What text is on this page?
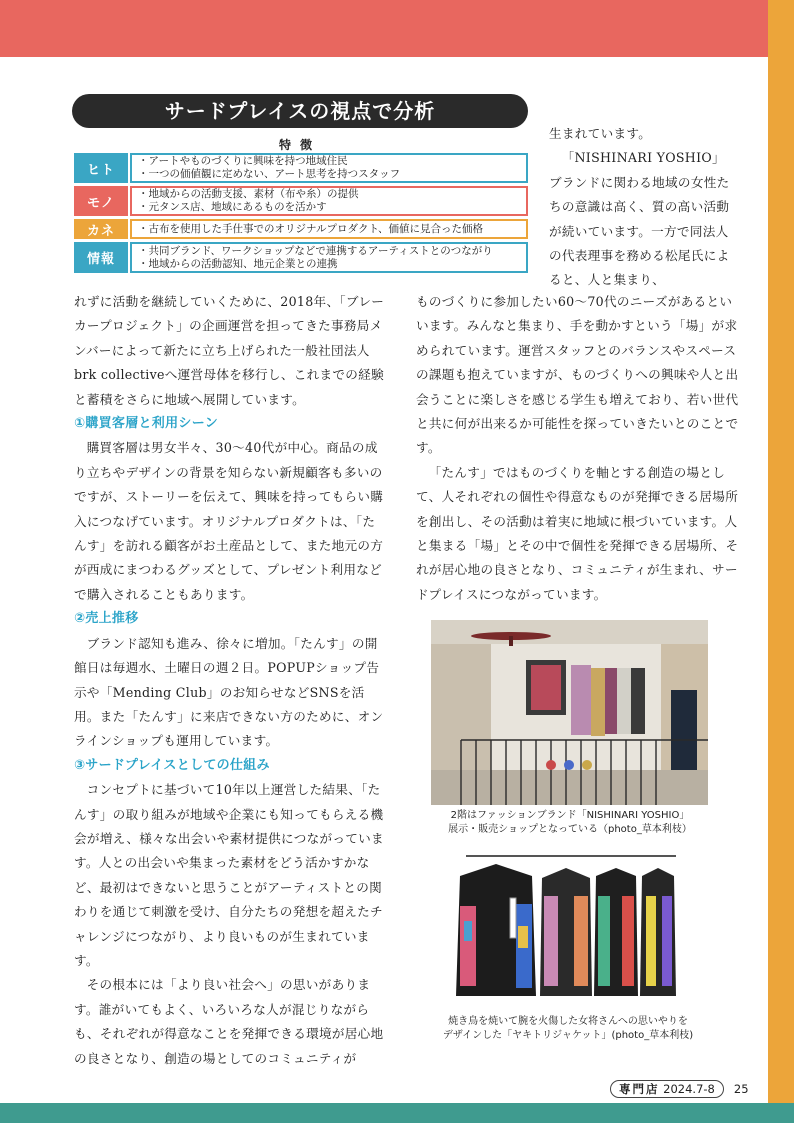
サードプレイスの視点で分析
特徴
ヒト
・アートやものづくりに興味を持つ地域住民
・一つの価値観に定めない、アート思考を持つスタッフ
モノ
・地域からの活動支援、素材（布や糸）の提供
・元タンス店、地域にあるものを活かす
カネ	・古布を使用した手仕事でのオリジナルプロダクト、価値に見合った価格
情報
・共同ブランド、ワークショップなどで連携するアーティストとのつながり
・地域からの活動認知、地元企業との連携

生まれています。

「NISHINARI YOSHIO」ブランドに関わる地域の女性たちの意識は高く、質の高い活動が続いています。一方で同法人の代表理事を務める松尾氏によると、人と集まり、

れずに活動を継続していくために、2018年、「ブレーカープロジェクト」の企画運営を担ってきた事務局メンバーによって新たに立ち上げられた一般社団法人brk collectiveへ運営母体を移行し、これまでの経験と蓄積をさらに地域へ展開しています。

①購買客層と利用シーン

購買客層は男女半々、30〜40代が中心。商品の成り立ちやデザインの背景を知らない新規顧客も多いのですが、ストーリーを伝えて、興味を持ってもらい購入につなげています。オリジナルプロダクトは、「たんす」を訪れる顧客がお土産品として、また地元の方が西成にまつわるグッズとして、プレゼント利用などで購入されることもあります。

②売上推移

ブランド認知も進み、徐々に増加。「たんす」の開館日は毎週水、土曜日の週２日。POPUPショップ告示や「Mending Club」のお知らせなどSNSを活用。また「たんす」に来店できない方のために、オンラインショップも運用しています。

③サードプレイスとしての仕組み

コンセプトに基づいて10年以上運営した結果、「たんす」の取り組みが地域や企業にも知ってもらえる機会が増え、様々な出会いや素材提供につながっています。人との出会いや集まった素材をどう活かすかなど、最初はできないと思うことがアーティストとの関わりを通じて刺激を受け、自分たちの発想を超えたチャレンジにつながり、より良いものが生まれています。

その根本には「より良い社会へ」の思いがあります。誰がいてもよく、いろいろな人が混じりながらも、それぞれが得意なことを発揮できる環境が居心地の良さとなり、創造の場としてのコミュニティが

ものづくりに参加したい60〜70代のニーズがあるといいます。みんなと集まり、手を動かすという「場」が求められています。運営スタッフとのバランスやスペースの課題も抱えていますが、ものづくりへの興味や人と出会うことに楽しさを感じる学生も増えており、若い世代と共に何が出来るか可能性を探っていきたいとのことです。

「たんす」ではものづくりを軸とする創造の場として、人それぞれの個性や得意なものが発揮できる居場所を創出し、その活動は着実に地域に根づいています。人と集まる「場」とその中で個性を発揮できる居場所、それが居心地の良さとなり、コミュニティが生まれ、サードプレイスにつながっています。

2階はファッションブランド「NISHINARI YOSHIO」
展示・販売ショップとなっている（photo_草本利枝）
焼き鳥を焼いて腕を火傷した女将さんへの思いやりを
デザインした「ヤキトリジャケット」(photo_草本利枝)
専門店 2024.7-8	25
